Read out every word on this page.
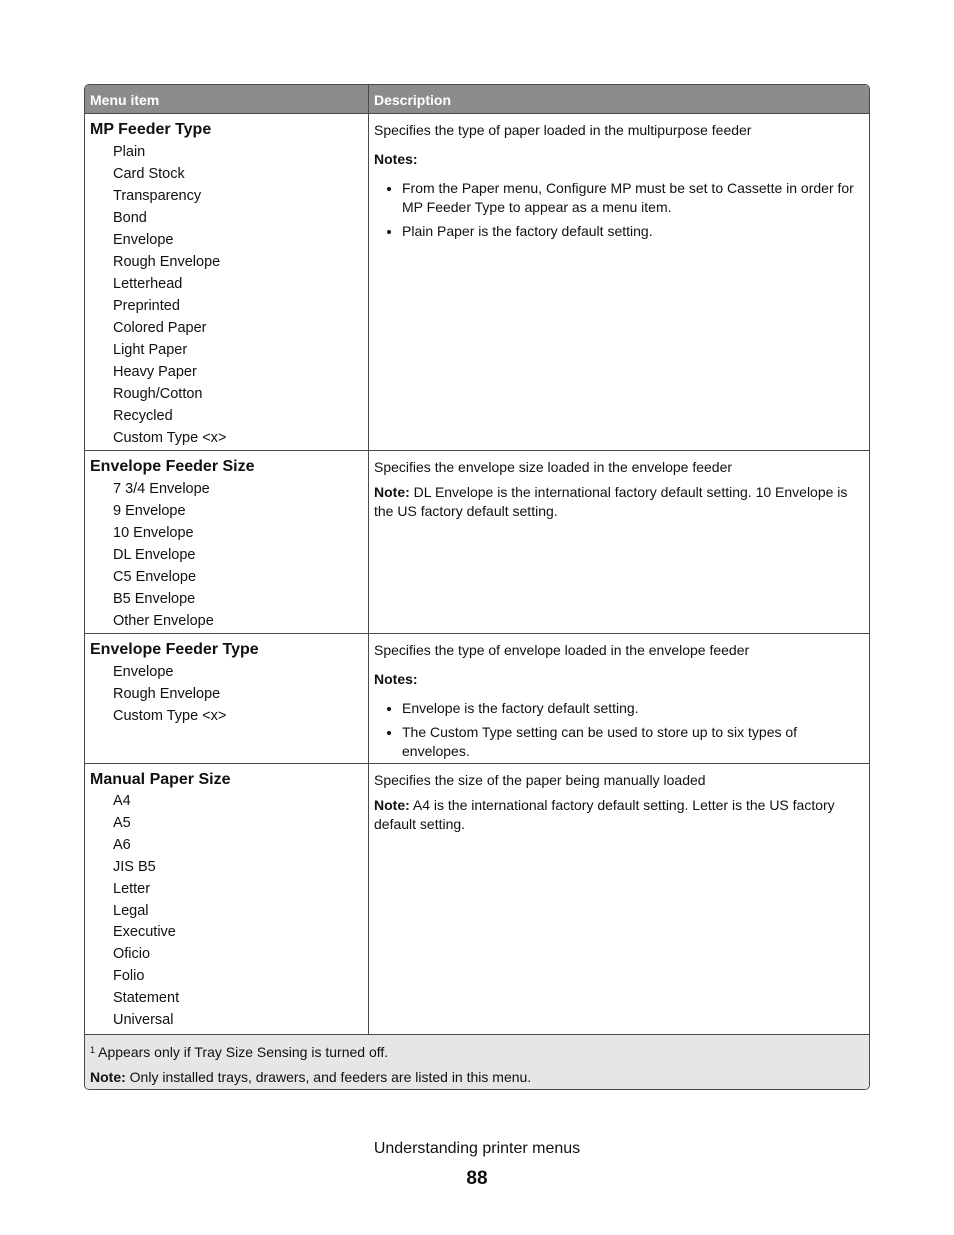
Menu item	Description
MP Feeder Type
Plain
Card Stock
Transparency
Bond
Envelope
Rough Envelope
Letterhead
Preprinted
Colored Paper
Light Paper
Heavy Paper
Rough/Cotton
Recycled
Custom Type <x>

Specifies the type of paper loaded in the multipurpose feeder

Notes:

• From the Paper menu, Configure MP must be set to Cassette in order for MP Feeder Type to appear as a menu item.
• Plain Paper is the factory default setting.
Envelope Feeder Size
7 3/4 Envelope
9 Envelope
10 Envelope
DL Envelope
C5 Envelope
B5 Envelope
Other Envelope

Specifies the envelope size loaded in the envelope feeder

Note: DL Envelope is the international factory default setting. 10 Envelope is the US factory default setting.

Envelope Feeder Type
Envelope
Rough Envelope
Custom Type <x>

Specifies the type of envelope loaded in the envelope feeder

Notes:

• Envelope is the factory default setting.
• The Custom Type setting can be used to store up to six types of envelopes.
Manual Paper Size
A4
A5
A6
JIS B5
Letter
Legal
Executive
Oficio
Folio
Statement
Universal

Specifies the size of the paper being manually loaded

Note: A4 is the international factory default setting. Letter is the US factory default setting.

$^1$ Appears only if Tray Size Sensing is turned off.

Note: Only installed trays, drawers, and feeders are listed in this menu.

Understanding printer menus
88
